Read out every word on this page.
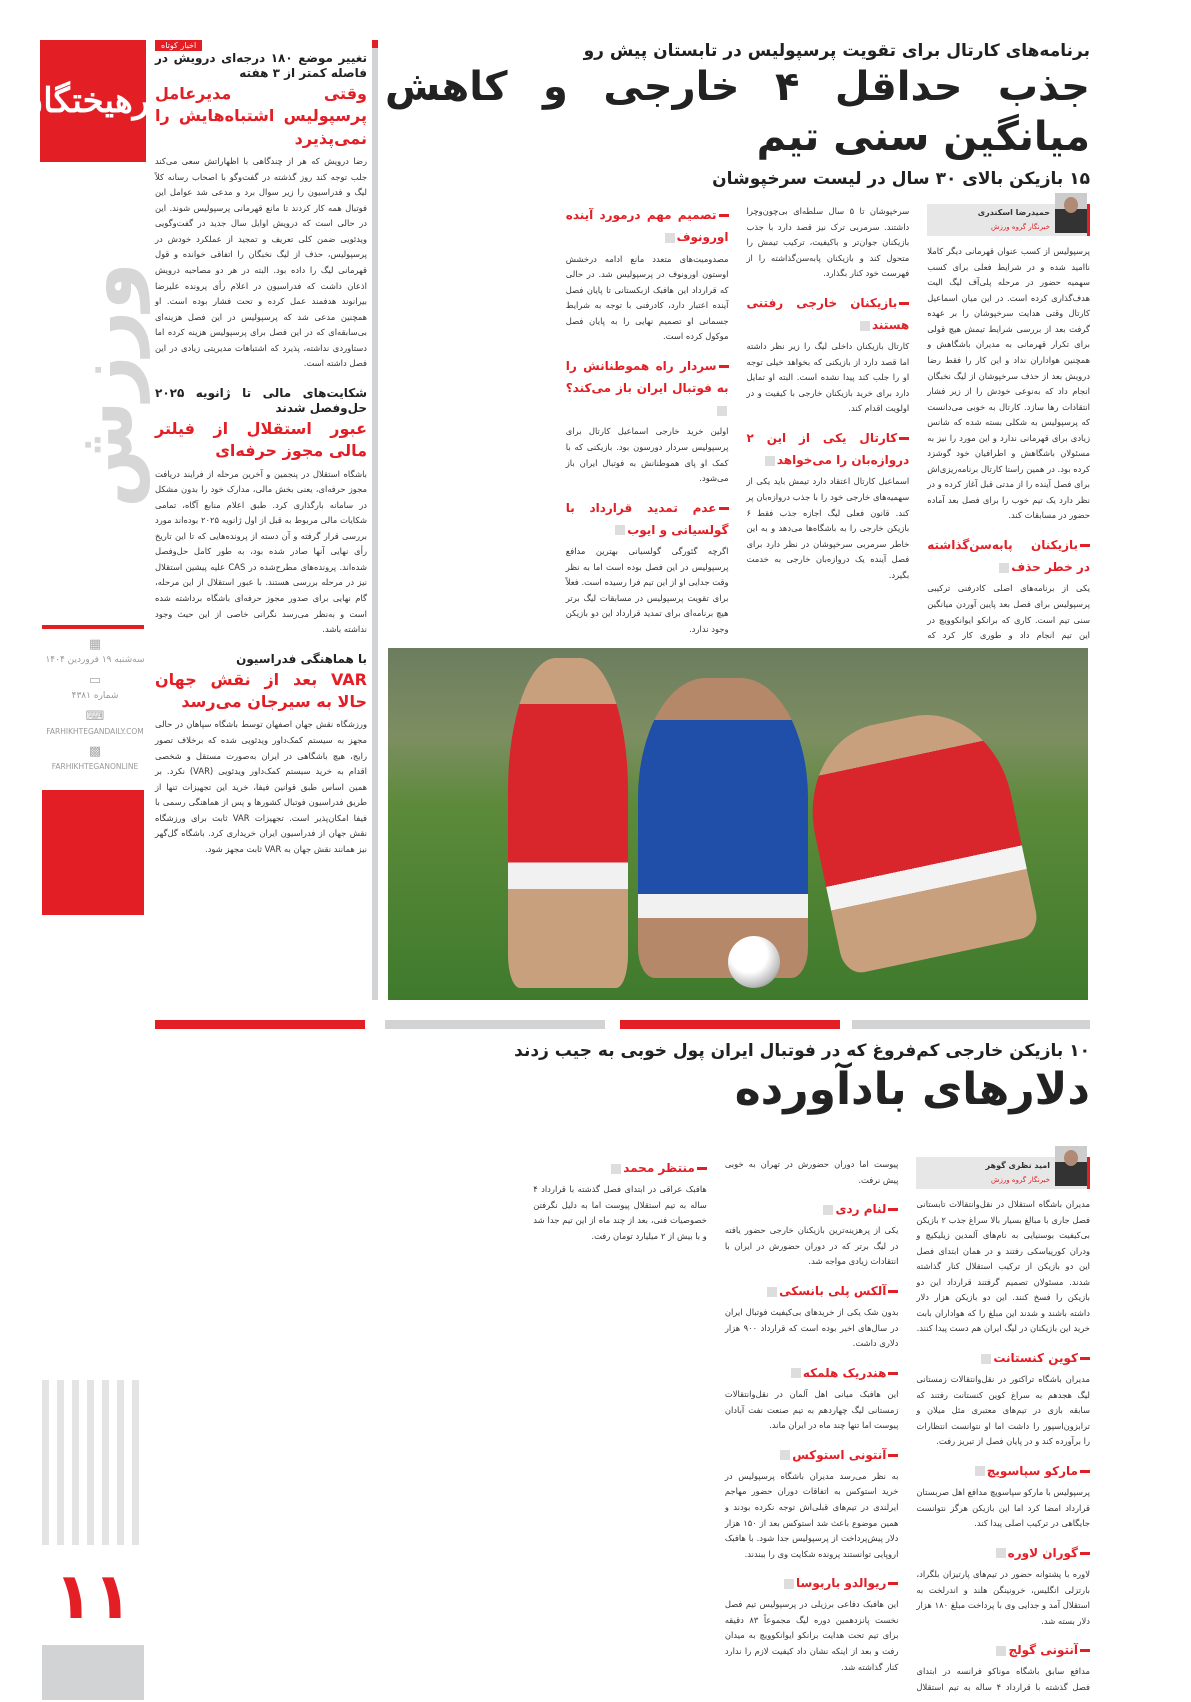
فرهیختگان
ورزش
▦
سه‌شنبه ۱۹ فروردین ۱۴۰۴
▭
شماره ۴۳۸۱
⌨
FARHIKHTEGANDAILY.COM
▩
FARHIKHTEGANONLINE
۱۱
اخبار کوتاه
تغییر موضع ۱۸۰ درجه‌ای درویش در فاصله کمتر از ۳ هفته
وقتی مدیرعامل پرسپولیس اشتباه‌هایش را نمی‌پذیرد

رضا درویش که هر از چندگاهی با اظهاراتش سعی می‌کند جلب توجه کند روز گذشته در گفت‌وگو با اصحاب رسانه کلاً لیگ و فدراسیون را زیر سوال برد و مدعی شد عوامل این فوتبال همه کار کردند تا مانع قهرمانی پرسپولیس شوند. این در حالی است که درویش اوایل سال جدید در گفت‌وگویی ویدئویی ضمن کلی تعریف و تمجید از عملکرد خودش در پرسپولیس، حذف از لیگ نخبگان را اتفاقی خوانده و قول قهرمانی لیگ را داده بود. البته در هر دو مصاحبه درویش اذعان داشت که فدراسیون در اعلام رأی پرونده علیرضا بیرانوند هدفمند عمل کرده و تحت فشار بوده است. او همچنین مدعی شد که پرسپولیس در این فصل هزینه‌ای بی‌سابقه‌ای که در این فصل برای پرسپولیس هزینه کرده اما دستاوردی نداشته، پذیرد که اشتباهات مدیریتی زیادی در این فصل داشته است.

شکایت‌های مالی تا ژانویه ۲۰۲۵ حل‌وفصل شدند
عبور استقلال از فیلتر مالی مجوز حرفه‌ای

باشگاه استقلال در پنجمین و آخرین مرحله از فرایند دریافت مجوز حرفه‌ای، یعنی بخش مالی، مدارک خود را بدون مشکل در سامانه بارگذاری کرد. طبق اعلام منابع آگاه، تمامی شکایات مالی مربوط به قبل از اول ژانویه ۲۰۲۵ بوده‌اند مورد بررسی قرار گرفته و آن دسته از پرونده‌هایی که تا این تاریخ رأی نهایی آنها صادر شده بود، به طور کامل حل‌وفصل شده‌اند. پرونده‌های مطرح‌شده در CAS علیه پیشین استقلال نیز در مرحله بررسی هستند. با عبور استقلال از این مرحله، گام نهایی برای صدور مجوز حرفه‌ای باشگاه برداشته شده است و به‌نظر می‌رسد نگرانی خاصی از این حیث وجود نداشته باشد.

با هماهنگی فدراسیون
VAR بعد از نقش جهان حالا به سیرجان می‌رسد

ورزشگاه نقش جهان اصفهان توسط باشگاه سپاهان در حالی مجهز به سیستم کمک‌داور ویدئویی شده که برخلاف تصور رایج، هیچ باشگاهی در ایران به‌صورت مستقل و شخصی اقدام به خرید سیستم کمک‌داور ویدئویی (VAR) نکرد. بر همین اساس طبق قوانین فیفا، خرید این تجهیزات تنها از طریق فدراسیون فوتبال کشورها و پس از هماهنگی رسمی با فیفا امکان‌پذیر است. تجهیزات VAR ثابت برای ورزشگاه نقش جهان از فدراسیون ایران خریداری کرد. باشگاه گل‌گهر نیز همانند نقش جهان به VAR ثابت مجهز شود.

برنامه‌های کارتال برای تقویت پرسپولیس در تابستان پیش رو
جذب حداقل ۴ خارجی و کاهش میانگین سنی تیم
۱۵ بازیکن بالای ۳۰ سال در لیست سرخپوشان
حمیدرضا اسکندری
خبرنگار گروه ورزش

پرسپولیس از کسب عنوان قهرمانی دیگر کاملا ناامید شده و در شرایط فعلی برای کسب سهمیه حضور در مرحله پلی‌آف لیگ الیت هدف‌گذاری کرده است. در این میان اسماعیل کارتال وقتی هدایت سرخپوشان را بر عهده گرفت بعد از بررسی شرایط تیمش هیچ قولی برای تکرار قهرمانی به مدیران باشگاهش و همچنین هواداران نداد و این کار را فقط رضا درویش بعد از حذف سرخپوشان از لیگ نخبگان انجام داد که به‌نوعی خودش را از زیر فشار انتقادات رها سازد. کارتال به خوبی می‌دانست که پرسپولیس به شکلی بسته شده که شانس زیادی برای قهرمانی ندارد و این مورد را نیز به مسئولان باشگاهش و اطرافیان خود گوشزد کرده بود. در همین راستا کارتال برنامه‌ریزی‌اش برای فصل آینده را از مدتی قبل آغاز کرده و در نظر دارد یک تیم خوب را برای فصل بعد آماده حضور در مسابقات کند.

بازیکنان پابه‌سن‌گذاشته در خطر حذف

یکی از برنامه‌های اصلی کادرفنی ترکیبی پرسپولیس برای فصل بعد پایین آوردن میانگین سنی تیم است. کاری که برانکو ایوانکوویچ در این تیم انجام داد و طوری کار کرد که سرخپوشان تا ۵ سال سلطه‌ای بی‌چون‌وچرا داشتند. سرمربی ترک نیز قصد دارد با جذب بازیکنان جوان‌تر و باکیفیت، ترکیب تیمش را متحول کند و بازیکنان پابه‌سن‌گذاشته را از فهرست خود کنار بگذارد.

بازیکنان خارجی رفتنی هستند

کارتال بازیکنان داخلی لیگ را زیر نظر داشته اما قصد دارد از بازیکنی که بخواهد خیلی توجه او را جلب کند پیدا نشده است. البته او تمایل دارد برای خرید بازیکنان خارجی با کیفیت و در اولویت اقدام کند.

کارتال یکی از این ۲ دروازه‌بان را می‌خواهد

اسماعیل کارتال اعتقاد دارد تیمش باید یکی از سهمیه‌های خارجی خود را با جذب دروازه‌بان پر کند. قانون فعلی لیگ اجازه جذب فقط ۶ بازیکن خارجی را به باشگاه‌ها می‌دهد و به این خاطر سرمربی سرخپوشان در نظر دارد برای فصل آینده یک دروازه‌بان خارجی به خدمت بگیرد.

تصمیم مهم درمورد آینده اورونوف

مصدومیت‌های متعدد مانع ادامه درخشش اوستون اورونوف در پرسپولیس شد. در حالی که قرارداد این هافبک ازبکستانی تا پایان فصل آینده اعتبار دارد، کادرفنی با توجه به شرایط جسمانی او تصمیم نهایی را به پایان فصل موکول کرده است.

سردار راه هموطنانش را به فوتبال ایران باز می‌کند؟

اولین خرید خارجی اسماعیل کارتال برای پرسپولیس سردار دورسون بود. بازیکنی که با کمک او پای هموطنانش به فوتبال ایران باز می‌شود.

عدم تمدید قرارداد با گولسیانی و ایوب

اگرچه گئورگی گولسیانی بهترین مدافع پرسپولیس در این فصل بوده است اما به نظر وقت جدایی او از این تیم فرا رسیده است. فعلاً برای تقویت پرسپولیس در مسابقات لیگ برتر هیچ برنامه‌ای برای تمدید قرارداد این دو بازیکن وجود ندارد.

۱۰ بازیکن خارجی کم‌فروغ که در فوتبال ایران پول خوبی به جیب زدند
دلارهای بادآورده
امید نظری گوهر
خبرنگار گروه ورزش

مدیران باشگاه استقلال در نقل‌وانتقالات تابستانی فصل جاری با مبالغ بسیار بالا سراغ جذب ۲ بازیکن بی‌کیفیت بوسنیایی به نام‌های آلمدین زیلیکیچ و ودران کورپیاسکی رفتند و در همان ابتدای فصل این دو بازیکن از ترکیب استقلال کنار گذاشته شدند. مسئولان تصمیم گرفتند قرارداد این دو بازیکن را فسخ کنند. این دو بازیکن هزار دلار داشته باشند و شدند این مبلغ را که هواداران بابت خرید این بازیکنان در لیگ ایران هم دست پیدا کنند.

کوین کنستانت

مدیران باشگاه تراکتور در نقل‌وانتقالات زمستانی لیگ هجدهم به سراغ کوین کنستانت رفتند که سابقه بازی در تیم‌های معتبری مثل میلان و ترابزون‌اسپور را داشت اما او نتوانست انتظارات را برآورده کند و در پایان فصل از تبریز رفت.

مارکو سپاسویچ

پرسپولیس با مارکو سپاسویچ مدافع اهل صربستان قرارداد امضا کرد اما این بازیکن هرگز نتوانست جایگاهی در ترکیب اصلی پیدا کند.

گوران لاوره

لاوره با پشتوانه حضور در تیم‌های پارتیزان بلگراد، بارتزلی انگلیس، خرونینگن هلند و اندرلخت به استقلال آمد و جدایی وی با پرداخت مبلغ ۱۸۰ هزار دلار بسته شد.

آنتونی گولج

مدافع سابق باشگاه موناکو فرانسه در ابتدای فصل گذشته با قرارداد ۴ ساله به تیم استقلال پیوست اما دوران حضورش در تهران به خوبی پیش نرفت.

لنام ردی

یکی از پرهزینه‌ترین بازیکنان خارجی حضور یافته در لیگ برتر که در دوران حضورش در ایران با انتقادات زیادی مواجه شد.

آلکس پلی بانسکی

بدون شک یکی از خریدهای بی‌کیفیت فوتبال ایران در سال‌های اخیر بوده است که قرارداد ۹۰۰ هزار دلاری داشت.

هندریک هلمکه

این هافبک میانی اهل آلمان در نقل‌وانتقالات زمستانی لیگ چهاردهم به تیم صنعت نفت آبادان پیوست اما تنها چند ماه در ایران ماند.

آنتونی استوکس

به نظر می‌رسد مدیران باشگاه پرسپولیس در خرید استوکس به اتفاقات دوران حضور مهاجم ایرلندی در تیم‌های قبلی‌اش توجه نکرده بودند و همین موضوع باعث شد استوکس بعد از ۱۵۰ هزار دلار پیش‌پرداخت از پرسپولیس جدا شود. با هافبک اروپایی توانستند پرونده شکایت وی را ببندند.

ریوالدو باربوسا

این هافبک دفاعی برزیلی در پرسپولیس تیم فصل نخست پانزدهمین دوره لیگ مجموعاً ۸۳ دقیقه برای تیم تحت هدایت برانکو ایوانکوویچ به میدان رفت و بعد از اینکه نشان داد کیفیت لازم را ندارد کنار گذاشته شد.

منتظر محمد

هافبک عراقی در ابتدای فصل گذشته با قرارداد ۴ ساله به تیم استقلال پیوست اما به دلیل نگرفتن خصوصیات فنی، بعد از چند ماه از این تیم جدا شد و با بیش از ۲ میلیارد تومان رفت.
